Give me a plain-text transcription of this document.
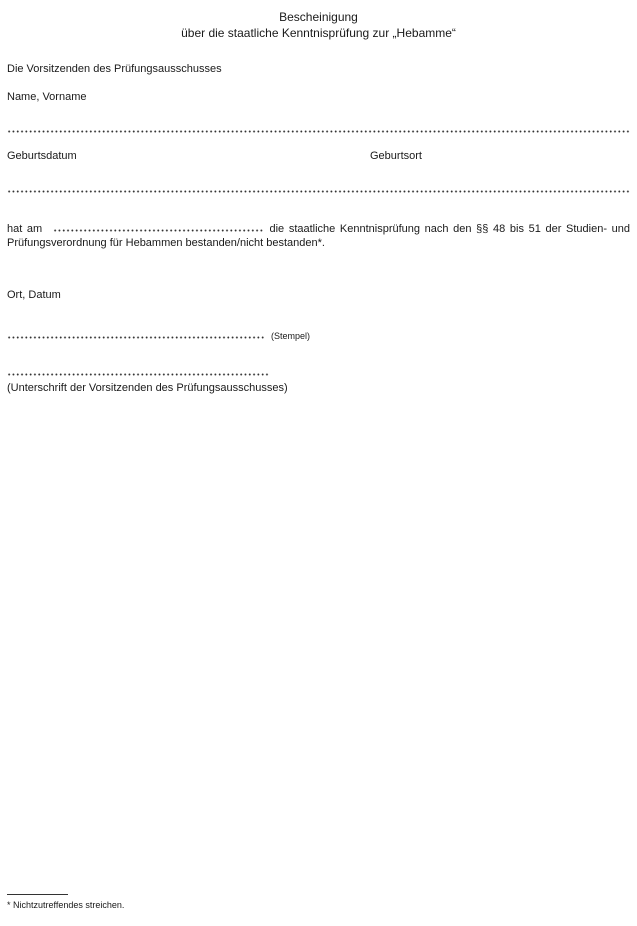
Bescheinigung
über die staatliche Kenntnisprüfung zur „Hebamme“
Die Vorsitzenden des Prüfungsausschusses
Name, Vorname
Geburtsdatum	Geburtsort
hat am	die staatliche Kenntnisprüfung nach den §§ 48 bis 51 der Studien- und Prüfungsverordnung für Hebammen bestanden/nicht bestanden*.
Ort, Datum
(Stempel)
(Unterschrift der Vorsitzenden des Prüfungsausschusses)
* Nichtzutreffendes streichen.
